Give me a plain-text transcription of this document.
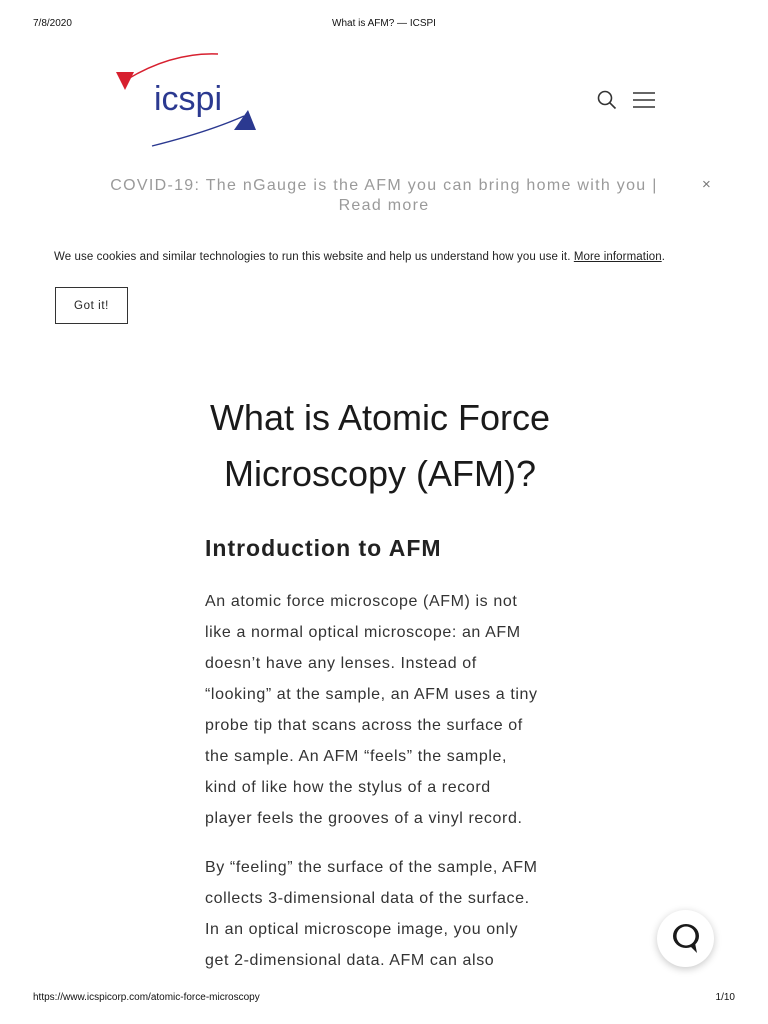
7/8/2020	What is AFM? — ICSPI
icspi
COVID-19: The nGauge is the AFM you can bring home with you |
Read more
×
We use cookies and similar technologies to run this website and help us understand how you use it. More information.
Got it!
What is Atomic Force
Microscopy (AFM)?
Introduction to AFM

An atomic force microscope (AFM) is not
like a normal optical microscope: an AFM
doesn’t have any lenses. Instead of
“looking” at the sample, an AFM uses a tiny
probe tip that scans across the surface of
the sample. An AFM “feels” the sample,
kind of like how the stylus of a record
player feels the grooves of a vinyl record.

By “feeling” the surface of the sample, AFM
collects 3-dimensional data of the surface.
In an optical microscope image, you only
get 2-dimensional data. AFM can also

https://www.icspicorp.com/atomic-force-microscopy	1/10
